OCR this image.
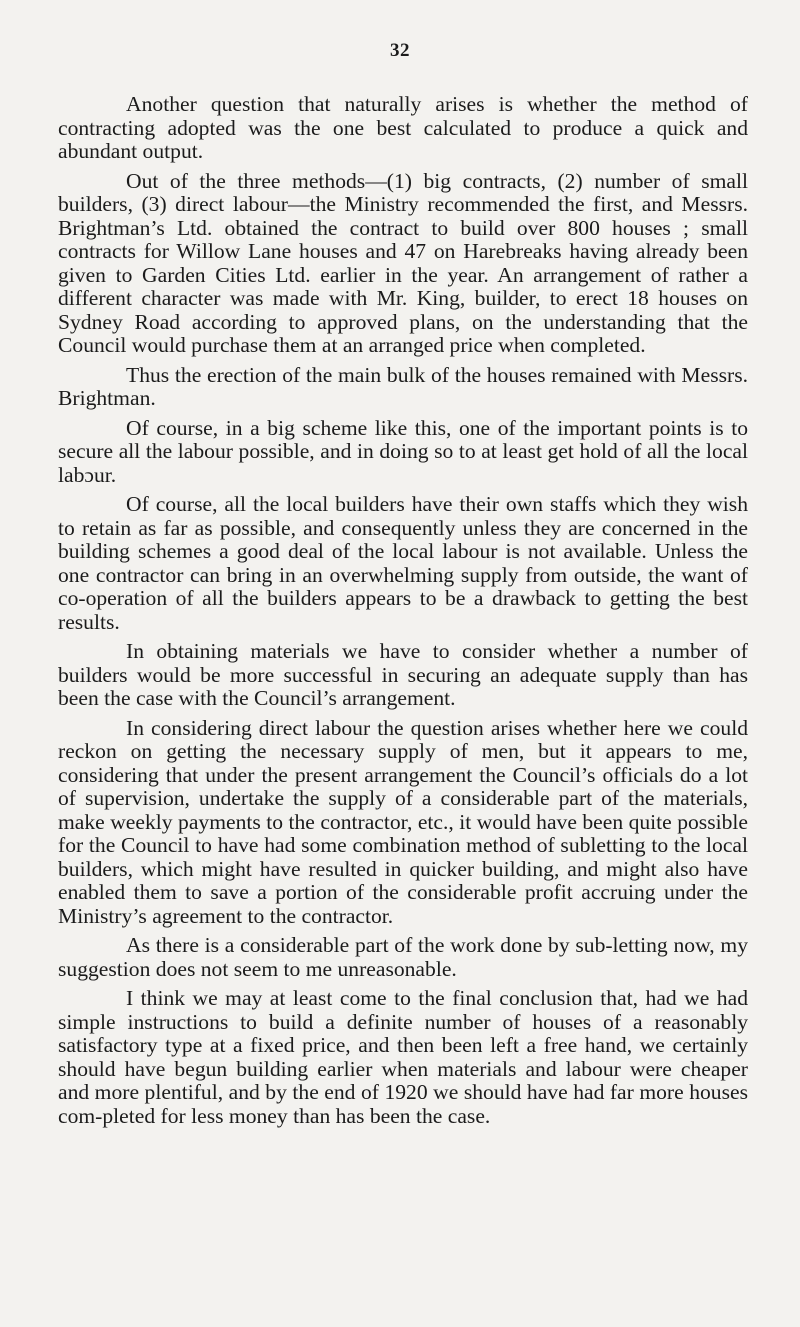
32

Another question that naturally arises is whether the method of contracting adopted was the one best calculated to produce a quick and abundant output.

Out of the three methods—(1) big contracts, (2) number of small builders, (3) direct labour—the Ministry recommended the first, and Messrs. Brightman’s Ltd. obtained the contract to build over 800 houses ; small contracts for Willow Lane houses and 47 on Harebreaks having already been given to Garden Cities Ltd. earlier in the year. An arrangement of rather a different character was made with Mr. King, builder, to erect 18 houses on Sydney Road according to approved plans, on the understanding that the Council would purchase them at an arranged price when completed.

Thus the erection of the main bulk of the houses remained with Messrs. Brightman.

Of course, in a big scheme like this, one of the important points is to secure all the labour possible, and in doing so to at least get hold of all the local labɔur.

Of course, all the local builders have their own staffs which they wish to retain as far as possible, and consequently unless they are concerned in the building schemes a good deal of the local labour is not available. Unless the one contractor can bring in an overwhelming supply from outside, the want of co-operation of all the builders appears to be a drawback to getting the best results.

In obtaining materials we have to consider whether a number of builders would be more successful in securing an adequate supply than has been the case with the Council’s arrangement.

In considering direct labour the question arises whether here we could reckon on getting the necessary supply of men, but it appears to me, considering that under the present arrangement the Council’s officials do a lot of supervision, undertake the supply of a considerable part of the materials, make weekly payments to the contractor, etc., it would have been quite possible for the Council to have had some combination method of subletting to the local builders, which might have resulted in quicker building, and might also have enabled them to save a portion of the considerable profit accruing under the Ministry’s agreement to the contractor.

As there is a considerable part of the work done by sub-letting now, my suggestion does not seem to me unreasonable.

I think we may at least come to the final conclusion that, had we had simple instructions to build a definite number of houses of a reasonably satisfactory type at a fixed price, and then been left a free hand, we certainly should have begun building earlier when materials and labour were cheaper and more plentiful, and by the end of 1920 we should have had far more houses com-pleted for less money than has been the case.
